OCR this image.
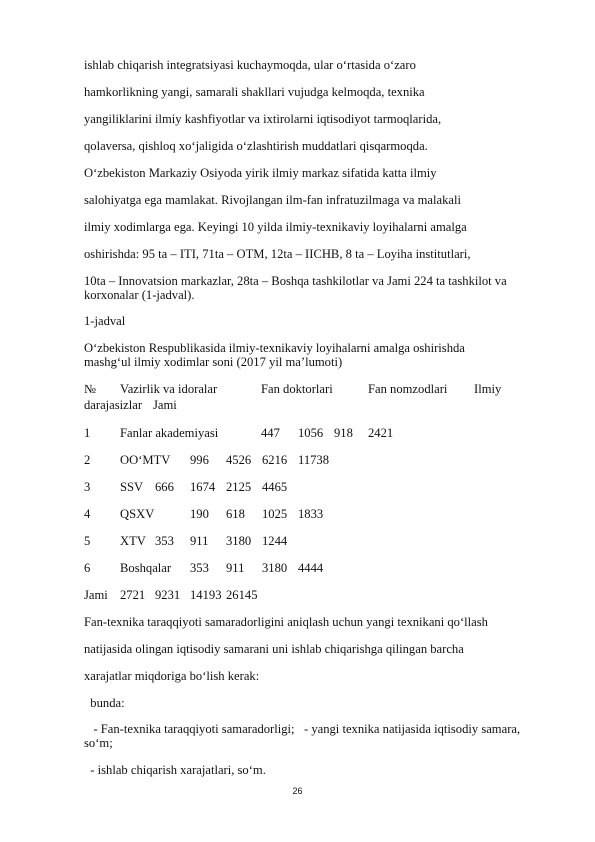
ishlab chiqarish integratsiyasi kuchaymoqda, ular o‘rtasida o‘zaro
hamkorlikning yangi, samarali shakllari vujudga kelmoqda, texnika
yangiliklarini ilmiy kashfiyotlar va ixtirolarni iqtisodiyot tarmoqlarida,
qolaversa, qishloq xo‘jaligida o‘zlashtirish muddatlari qisqarmoqda.
O‘zbekiston Markaziy Osiyoda yirik ilmiy markaz sifatida katta ilmiy
salohiyatga ega mamlakat. Rivojlangan ilm-fan infratuzilmaga va malakali
ilmiy xodimlarga ega. Keyingi 10 yilda ilmiy-texnikaviy loyihalarni amalga
oshirishda: 95 ta – ITI, 71ta – OTM, 12ta – IICHB, 8 ta – Loyiha institutlari,
10ta – Innovatsion markazlar, 28ta – Boshqa tashkilotlar va Jami 224 ta tashkilot va korxonalar (1-jadval).
1-jadval
O‘zbekiston Respublikasida ilmiy-texnikaviy loyihalarni amalga oshirishda mashg‘ul ilmiy xodimlar soni (2017 yil ma’lumoti)
№ Vazirlik va idoralar	Fan doktorlari	Fan nomzodlari Ilmiy
darajasizlar Jami
1 Fanlar akademiyasi	447 1056 918 2421
2 OO‘MTV 996 4526 6216 11738
3 SSV 666 1674 2125 4465
4 QSXV	190 618 1025 1833
5 XTV 353 911 3180 1244
6 Boshqalar 353 911 3180 4444
Jami 2721 9231 14193 26145
Fan-texnika taraqqiyoti samaradorligini aniqlash uchun yangi texnikani qo‘llash
natijasida olingan iqtisodiy samarani uni ishlab chiqarishga qilingan barcha
xarajatlar miqdoriga bo‘lish kerak:
bunda:
- Fan-texnika taraqqiyoti samaradorligi;   - yangi texnika natijasida iqtisodiy samara, so‘m;
- ishlab chiqarish xarajatlari, so‘m.
26
